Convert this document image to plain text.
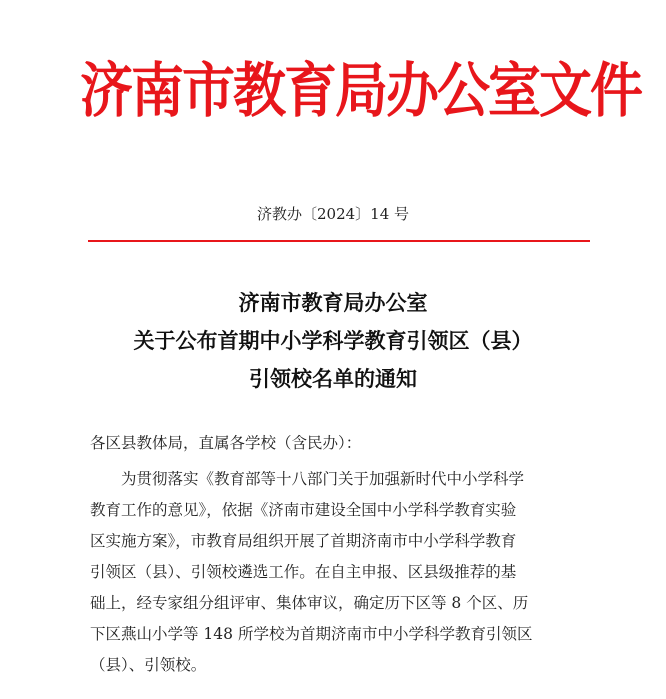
济南市教育局办公室文件
济教办〔2024〕14 号
济南市教育局办公室
关于公布首期中小学科学教育引领区（县）
引领校名单的通知
各区县教体局，直属各学校（含民办）：
　　为贯彻落实《教育部等十八部门关于加强新时代中小学科学
教育工作的意见》，依据《济南市建设全国中小学科学教育实验
区实施方案》，市教育局组织开展了首期济南市中小学科学教育
引领区（县）、引领校遴选工作。在自主申报、区县级推荐的基
础上，经专家组分组评审、集体审议，确定历下区等 8 个区、历
下区燕山小学等 148 所学校为首期济南市中小学科学教育引领区
（县）、引领校。
